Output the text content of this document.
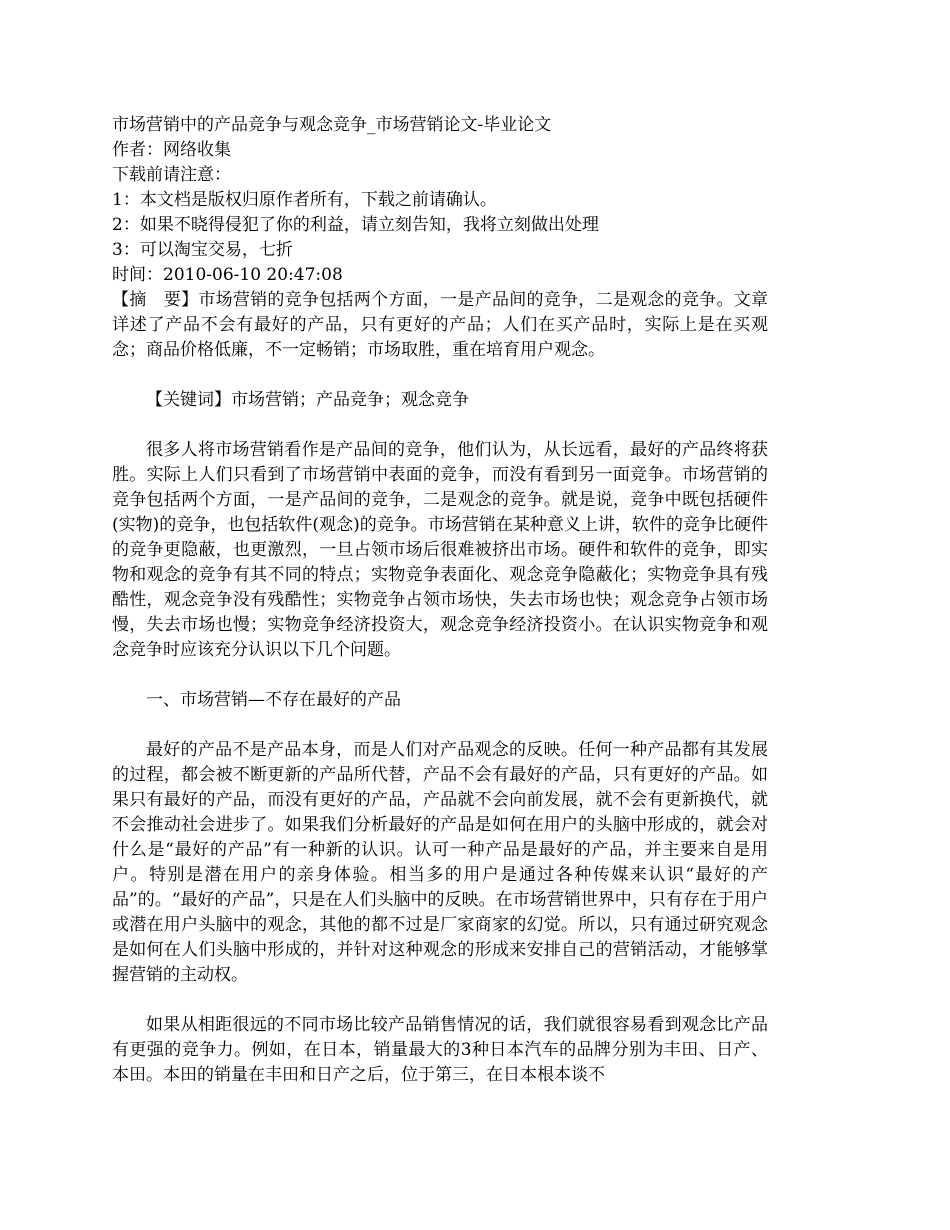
市场营销中的产品竞争与观念竞争_市场营销论文-毕业论文

作者：网络收集

下载前请注意：

1：本文档是版权归原作者所有，下载之前请确认。

2：如果不晓得侵犯了你的利益，请立刻告知，我将立刻做出处理

3：可以淘宝交易，七折

时间：2010-06-10 20:47:08

【摘　要】市场营销的竞争包括两个方面，一是产品间的竞争，二是观念的竞争。文章详述了产品不会有最好的产品，只有更好的产品；人们在买产品时，实际上是在买观念；商品价格低廉，不一定畅销；市场取胜，重在培育用户观念。

【关键词】市场营销；产品竞争；观念竞争

很多人将市场营销看作是产品间的竞争，他们认为，从长远看，最好的产品终将获胜。实际上人们只看到了市场营销中表面的竞争，而没有看到另一面竞争。市场营销的竞争包括两个方面，一是产品间的竞争，二是观念的竞争。就是说，竞争中既包括硬件(实物)的竞争，也包括软件(观念)的竞争。市场营销在某种意义上讲，软件的竞争比硬件的竞争更隐蔽，也更激烈，一旦占领市场后很难被挤出市场。硬件和软件的竞争，即实物和观念的竞争有其不同的特点；实物竞争表面化、观念竞争隐蔽化；实物竞争具有残酷性，观念竞争没有残酷性；实物竞争占领市场快，失去市场也快；观念竞争占领市场慢，失去市场也慢；实物竞争经济投资大，观念竞争经济投资小。在认识实物竞争和观念竞争时应该充分认识以下几个问题。

一、市场营销—不存在最好的产品

最好的产品不是产品本身，而是人们对产品观念的反映。任何一种产品都有其发展的过程，都会被不断更新的产品所代替，产品不会有最好的产品，只有更好的产品。如果只有最好的产品，而没有更好的产品，产品就不会向前发展，就不会有更新换代，就不会推动社会进步了。如果我们分析最好的产品是如何在用户的头脑中形成的，就会对什么是“最好的产品”有一种新的认识。认可一种产品是最好的产品，并主要来自是用户。特别是潜在用户的亲身体验。相当多的用户是通过各种传媒来认识“最好的产品”的。“最好的产品”，只是在人们头脑中的反映。在市场营销世界中，只有存在于用户或潜在用户头脑中的观念，其他的都不过是厂家商家的幻觉。所以，只有通过研究观念是如何在人们头脑中形成的，并针对这种观念的形成来安排自己的营销活动，才能够掌握营销的主动权。

如果从相距很远的不同市场比较产品销售情况的话，我们就很容易看到观念比产品有更强的竞争力。例如，在日本，销量最大的3种日本汽车的品牌分别为丰田、日产、本田。本田的销量在丰田和日产之后，位于第三，在日本根本谈不
